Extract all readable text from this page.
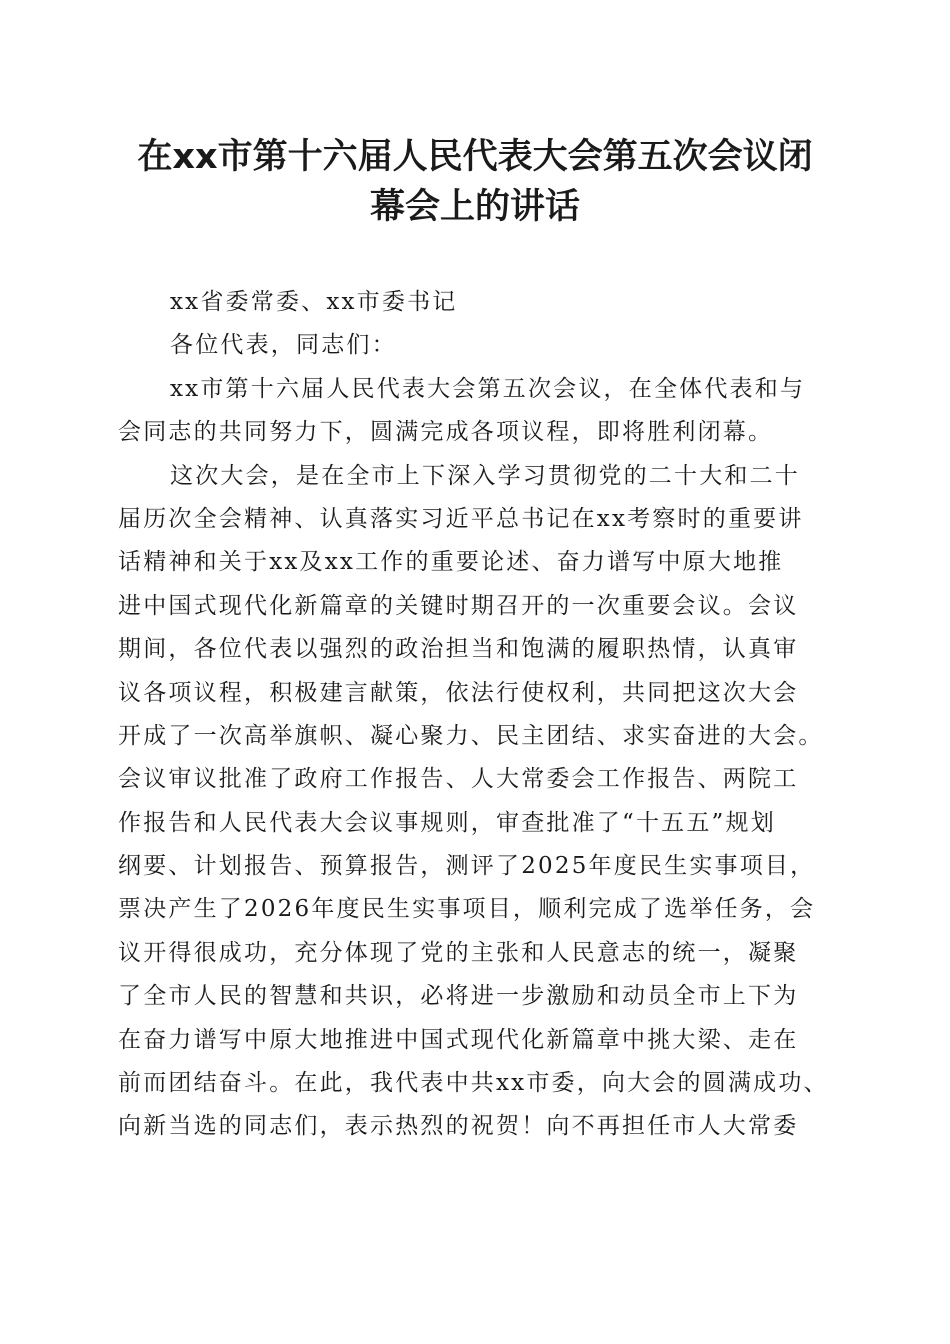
在xx市第十六届人民代表大会第五次会议闭
幕会上的讲话
xx省委常委、xx市委书记
各位代表，同志们：
xx市第十六届人民代表大会第五次会议，在全体代表和与
会同志的共同努力下，圆满完成各项议程，即将胜利闭幕。
这次大会，是在全市上下深入学习贯彻党的二十大和二十
届历次全会精神、认真落实习近平总书记在xx考察时的重要讲
话精神和关于xx及xx工作的重要论述、奋力谱写中原大地推
进中国式现代化新篇章的关键时期召开的一次重要会议。会议
期间，各位代表以强烈的政治担当和饱满的履职热情，认真审
议各项议程，积极建言献策，依法行使权利，共同把这次大会
开成了一次高举旗帜、凝心聚力、民主团结、求实奋进的大会。
会议审议批准了政府工作报告、人大常委会工作报告、两院工
作报告和人民代表大会议事规则，审查批准了“十五五”规划
纲要、计划报告、预算报告，测评了2025年度民生实事项目，
票决产生了2026年度民生实事项目，顺利完成了选举任务，会
议开得很成功，充分体现了党的主张和人民意志的统一，凝聚
了全市人民的智慧和共识，必将进一步激励和动员全市上下为
在奋力谱写中原大地推进中国式现代化新篇章中挑大梁、走在
前而团结奋斗。在此，我代表中共xx市委，向大会的圆满成功、
向新当选的同志们，表示热烈的祝贺！向不再担任市人大常委
